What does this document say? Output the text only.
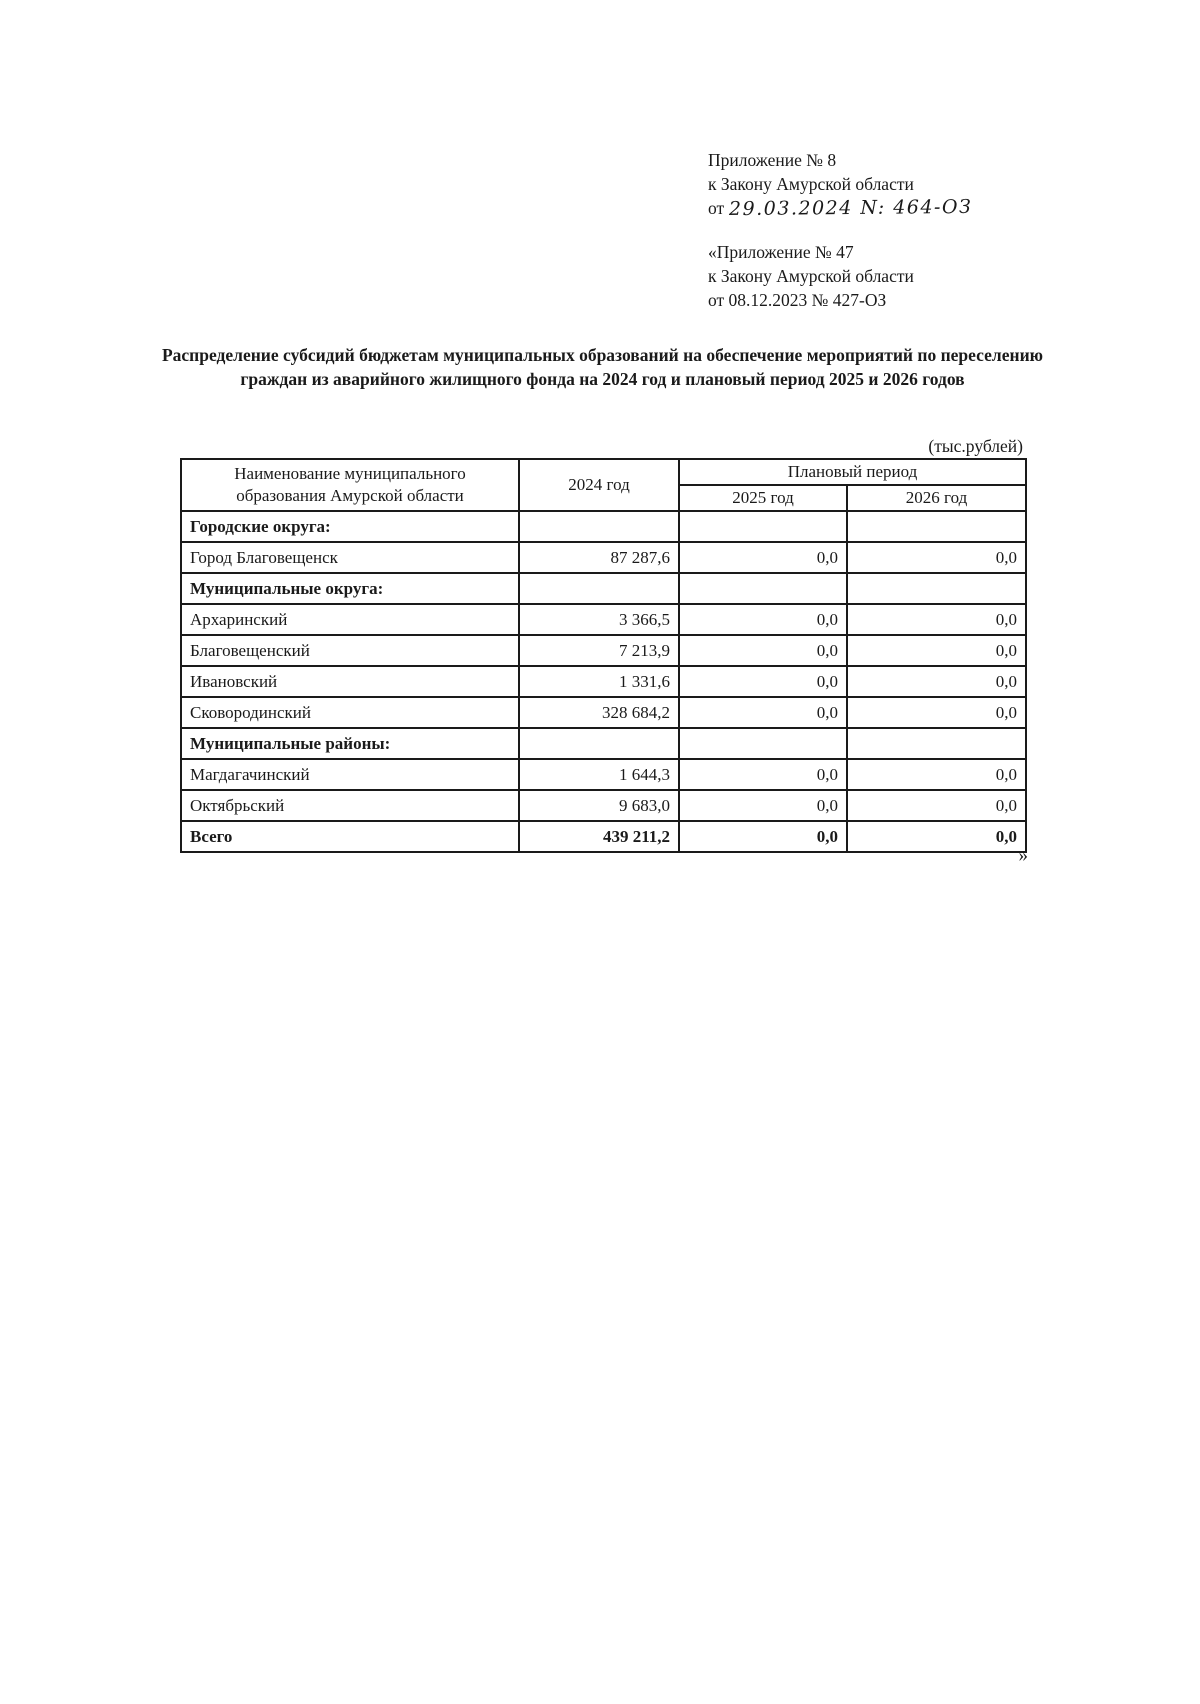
Приложение № 8
к Закону Амурской области
от 29.03.2024 N: 464-ОЗ
«Приложение № 47
к Закону Амурской области
от 08.12.2023 № 427-ОЗ
Распределение субсидий бюджетам муниципальных образований на обеспечение мероприятий по переселению граждан из аварийного жилищного фонда на 2024 год и плановый период 2025 и 2026 годов
(тыс.рублей)
Наименование муниципального образования Амурской области	2024 год	Плановый период	
		2025 год	2026 год
Городские округа:			
Город Благовещенск	87 287,6	0,0	0,0
Муниципальные округа:			
Архаринский	3 366,5	0,0	0,0
Благовещенский	7 213,9	0,0	0,0
Ивановский	1 331,6	0,0	0,0
Сковородинский	328 684,2	0,0	0,0
Муниципальные районы:			
Магдагачинский	1 644,3	0,0	0,0
Октябрьский	9 683,0	0,0	0,0
Всего	439 211,2	0,0	0,0
»
